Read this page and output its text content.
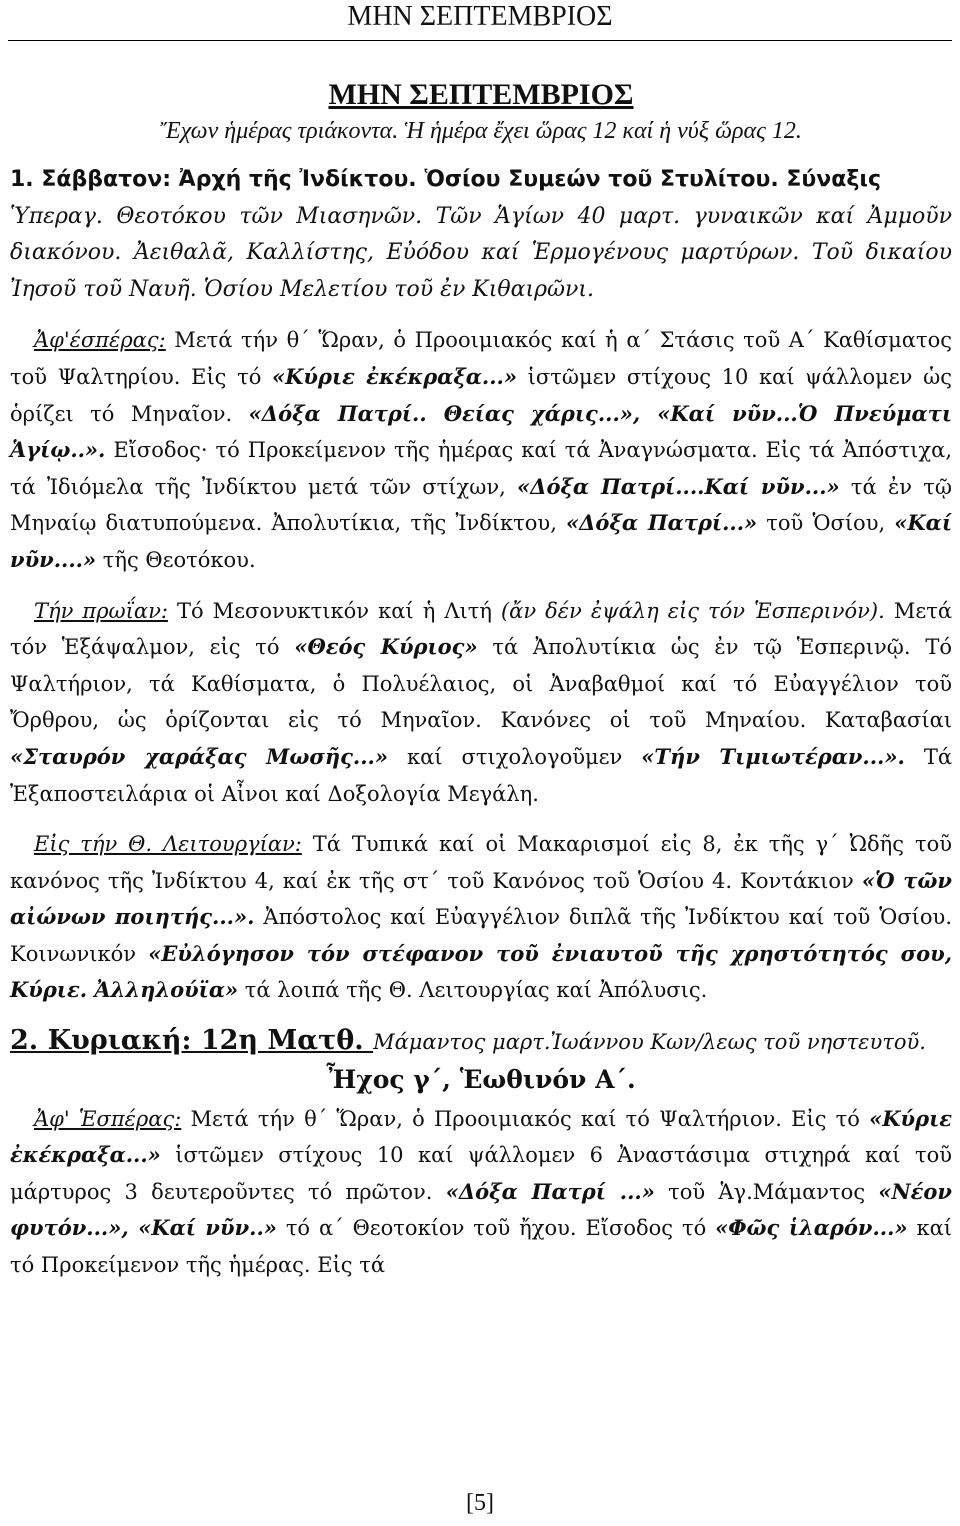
ΜΗΝ ΣΕΠΤΕΜΒΡΙΟΣ
ΜΗΝ ΣΕΠΤΕΜΒΡΙΟΣ
Ἔχων ἡμέρας τριάκοντα. Ἡ ἡμέρα ἔχει ὥρας 12 καί ἡ νύξ ὥρας 12.

1. Σάββατον: Ἀρχή τῆς Ἰνδίκτου. Ὁσίου Συμεών τοῦ Στυλίτου. Σύναξις
Ὑπεραγ. Θεοτόκου τῶν Μιασηνῶν. Τῶν Ἁγίων 40 μαρτ. γυναικῶν καί Ἀμμοῦν διακόνου. Ἀειθαλᾶ, Καλλίστης, Εὐόδου καί Ἑρμογένους μαρτύρων. Τοῦ δικαίου Ἰησοῦ τοῦ Ναυῆ. Ὁσίου Μελετίου τοῦ ἐν Κιθαιρῶνι.

Ἀφ'έσπέρας: Μετά τήν θ΄ Ὥραν, ὁ Προοιμιακός καί ἡ α΄ Στάσις τοῦ Α΄ Καθίσματος τοῦ Ψαλτηρίου. Εἰς τό «Κύριε ἐκέκραξα...» ἱστῶμεν στίχους 10 καί ψάλλομεν ὡς ὁρίζει τό Μηναῖον. «Δόξα Πατρί.. Θείας χάρις...», «Καί νῦν...Ὁ Πνεύματι Ἁγίῳ..». Εἴσοδος· τό Προκείμενον τῆς ἡμέρας καί τά Ἀναγνώσματα. Εἰς τά Ἀπόστιχα, τά Ἰδιόμελα τῆς Ἰνδίκτου μετά τῶν στίχων, «Δόξα Πατρί....Καί νῦν...» τά ἐν τῷ Μηναίῳ διατυπούμενα. Ἀπολυτίκια, τῆς Ἰνδίκτου, «Δόξα Πατρί...» τοῦ Ὁσίου, «Καί νῦν....» τῆς Θεοτόκου.

Τήν πρωΐαν: Τό Μεσονυκτικόν καί ἡ Λιτή (ἄν δέν ἐψάλη εἰς τόν Ἑσπερινόν). Μετά τόν Ἑξάψαλμον, εἰς τό «Θεός Κύριος» τά Ἀπολυτίκια ὡς ἐν τῷ Ἑσπερινῷ. Τό Ψαλτήριον, τά Καθίσματα, ὁ Πολυέλαιος, οἱ Ἀναβαθμοί καί τό Εὐαγγέλιον τοῦ Ὄρθρου, ὡς ὁρίζονται εἰς τό Μηναῖον. Κανόνες οἱ τοῦ Μηναίου. Καταβασίαι «Σταυρόν χαράξας Μωσῆς...» καί στιχολογοῦμεν «Τήν Τιμιωτέραν...». Τά Ἐξαποστειλάρια οἱ Αἶνοι καί Δοξολογία Μεγάλη.

Εἰς τήν Θ. Λειτουργίαν: Τά Τυπικά καί οἱ Μακαρισμοί εἰς 8, ἐκ τῆς γ΄ Ὠδῆς τοῦ κανόνος τῆς Ἰνδίκτου 4, καί ἐκ τῆς στ΄ τοῦ Κανόνος τοῦ Ὁσίου 4. Κοντάκιον «Ὁ τῶν αἰώνων ποιητής...». Ἀπόστολος καί Εὐαγγέλιον διπλᾶ τῆς Ἰνδίκτου καί τοῦ Ὁσίου. Κοινωνικόν «Εὐλόγησον τόν στέφανον τοῦ ἐνιαυτοῦ τῆς χρηστότητός σου, Κύριε. Ἀλληλούϊα» τά λοιπά τῆς Θ. Λειτουργίας καί Ἀπόλυσις.

2. Κυριακή: 12η Ματθ. Μάμαντος μαρτ.Ἰωάννου Κων/λεως τοῦ νηστευτοῦ.

Ἦχος γ΄, Ἑωθινόν Α΄.

Ἀφ' Ἑσπέρας: Μετά τήν θ΄ Ὥραν, ὁ Προοιμιακός καί τό Ψαλτήριον. Εἰς τό «Κύριε ἐκέκραξα...» ἱστῶμεν στίχους 10 καί ψάλλομεν 6 Ἀναστάσιμα στιχηρά καί τοῦ μάρτυρος 3 δευτεροῦντες τό πρῶτον. «Δόξα Πατρί ...» τοῦ Ἁγ.Μάμαντος «Νέον φυτόν...», «Καί νῦν..» τό α΄ Θεοτοκίον τοῦ ἤχου. Εἴσοδος τό «Φῶς ἱλαρόν...» καί τό Προκείμενον τῆς ἡμέρας. Εἰς τά

[5]
